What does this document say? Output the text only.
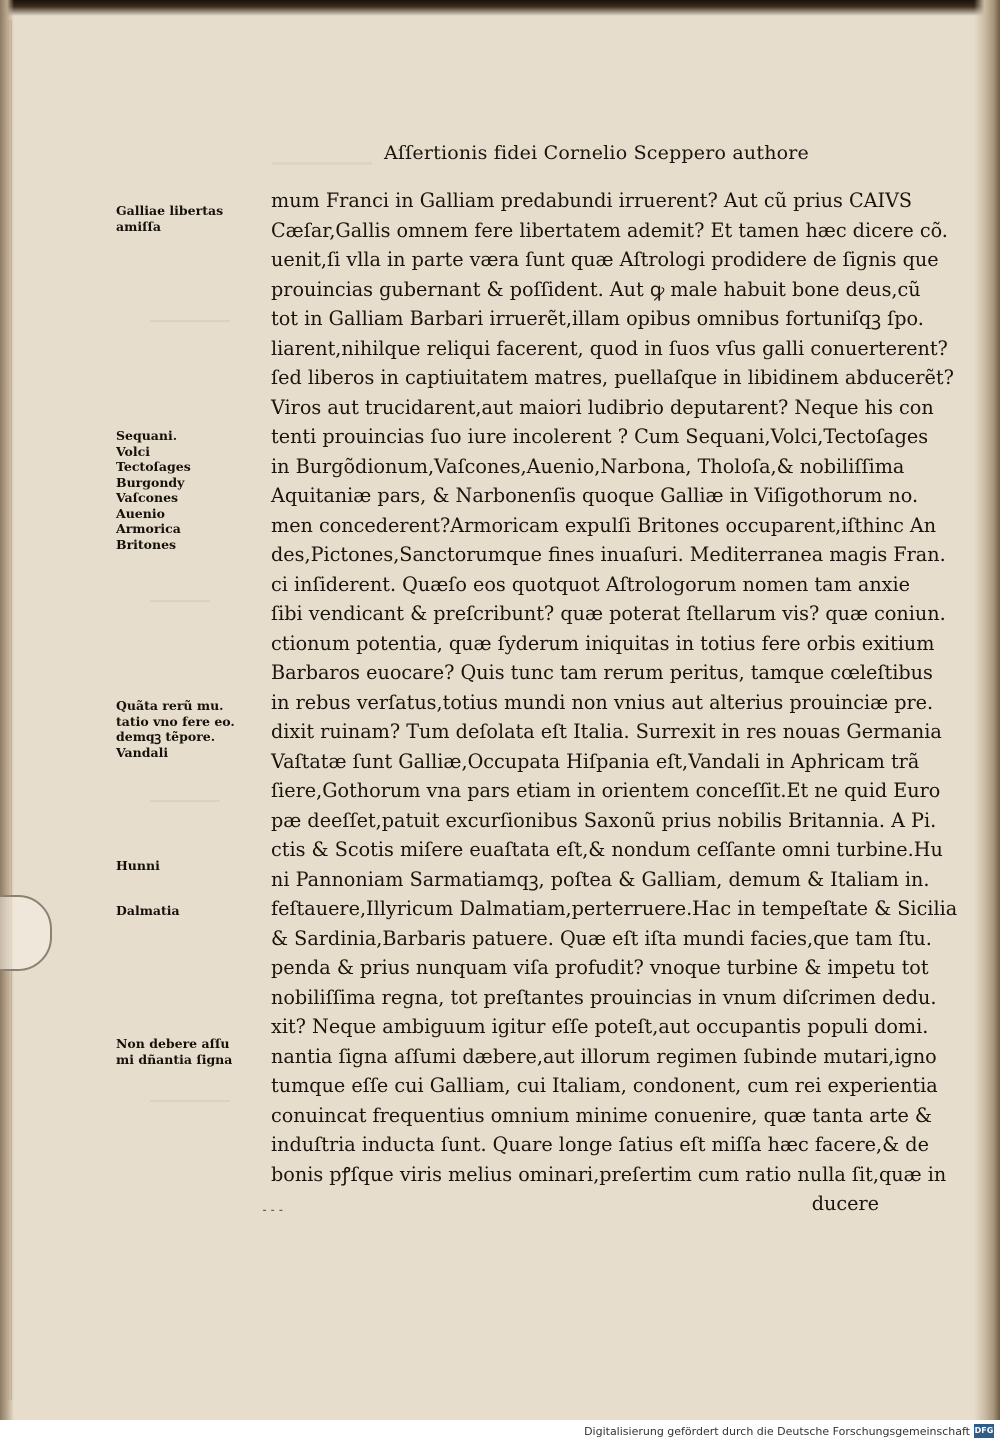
Aſſertionis fidei Cornelio Sceppero authore
mum Franci in Galliam predabundi irruerent? Aut cũ prius CAIVS
Cæſar,Gallis omnem fere libertatem ademit? Et tamen hæc dicere cõ.
uenit,ſi vlla in parte væra ſunt quæ Aſtrologi prodidere de ſignis que
prouincias gubernant & poſſident. Aut ꝙ male habuit bone deus,cũ
tot in Galliam Barbari irruerẽt,illam opibus omnibus fortuniſqꝫ ſpo.
liarent,nihilque reliqui facerent, quod in ſuos vſus galli conuerterent?
ſed liberos in captiuitatem matres, puellaſque in libidinem abducerẽt?
Viros aut trucidarent,aut maiori ludibrio deputarent? Neque his con
tenti prouincias ſuo iure incolerent ? Cum Sequani,Volci,Tectoſages
in Burgõdionum,Vaſcones,Auenio,Narbona, Tholoſa,& nobiliſſima
Aquitaniæ pars, & Narbonenſis quoque Galliæ in Viſigothorum no.
men concederent?Armoricam expulſi Britones occuparent,iſthinc An
des,Pictones,Sanctorumque fines inuaſuri. Mediterranea magis Fran.
ci inſiderent. Quæſo eos quotquot Aſtrologorum nomen tam anxie
ſibi vendicant & preſcribunt? quæ poterat ſtellarum vis? quæ coniun.
ctionum potentia, quæ ſyderum iniquitas in totius fere orbis exitium
Barbaros euocare? Quis tunc tam rerum peritus, tamque cœleſtibus
in rebus verſatus,totius mundi non vnius aut alterius prouinciæ pre.
dixit ruinam? Tum deſolata eſt Italia. Surrexit in res nouas Germania
Vaſtatæ ſunt Galliæ,Occupata Hiſpania eſt,Vandali in Aphricam trã
ſiere,Gothorum vna pars etiam in orientem conceſſit.Et ne quid Euro
pæ deeſſet,patuit excurſionibus Saxonũ prius nobilis Britannia. A Pi.
ctis & Scotis miſere euaſtata eſt,& nondum ceſſante omni turbine.Hu
ni Pannoniam Sarmatiamqꝫ, poſtea & Galliam, demum & Italiam in.
feſtauere,Illyricum Dalmatiam,perterruere.Hac in tempeſtate & Sicilia
& Sardinia,Barbaris patuere. Quæ eſt iſta mundi facies,que tam ſtu.
penda & prius nunquam viſa profudit? vnoque turbine & impetu tot
nobiliſſima regna, tot preſtantes prouincias in vnum diſcrimen dedu.
xit? Neque ambiguum igitur eſſe poteſt,aut occupantis populi domi.
nantia ſigna aſſumi dæbere,aut illorum regimen ſubinde mutari,igno
tumque eſſe cui Galliam, cui Italiam, condonent, cum rei experientia
conuincat frequentius omnium minime conuenire, quæ tanta arte &
induſtria inducta ſunt. Quare longe ſatius eſt miſſa hæc facere,& de
bonis pꝭſque viris melius ominari,preſertim cum ratio nulla ſit,quæ in
ducere
Galliae libertas
amiſſa
Sequani.
Volci
Tectoſages
Burgondy
Vaſcones
Auenio
Armorica
Britones
Quãta rerũ mu.
tatio vno fere eo.
demqꝫ tẽpore.
Vandali
Hunni
Dalmatia
Non debere aſſu
mi dñantia ſigna
⁃ ⁃ ⁃
Digitalisierung gefördert durch die Deutsche Forschungsgemeinschaft DFG
